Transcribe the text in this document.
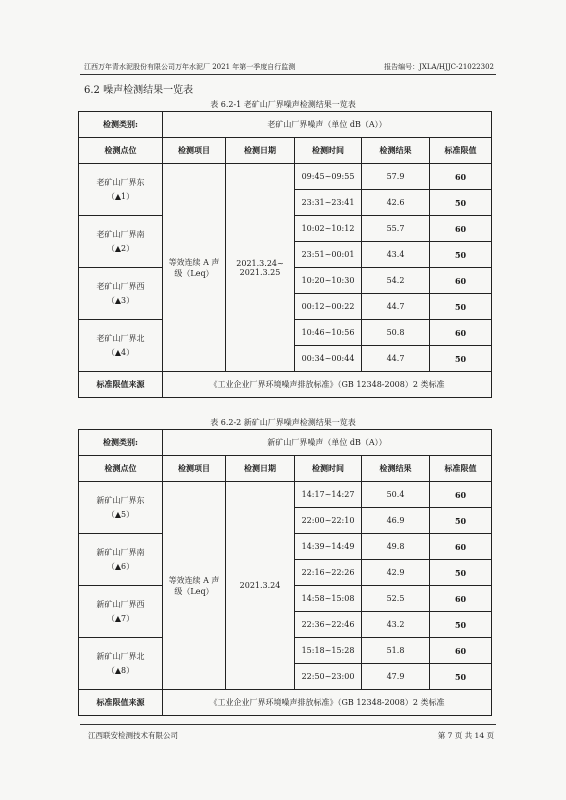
江西万年青水泥股份有限公司万年水泥厂 2021 年第一季度自行监测	报告编号：JXLA/HJJC-21022302
6.2 噪声检测结果一览表
表 6.2-1 老矿山厂界噪声检测结果一览表
检测类别:	老矿山厂界噪声（单位 dB（A））				
检测点位	检测项目	检测日期	检测时间	检测结果	标准限值

老矿山厂界东
（▲1）	等效连续 A 声级（Leq）	2021.3.24~ 2021.3.25	09:45~09:55	57.9	60
			23:31~23:41	42.6	50

老矿山厂界南
（▲2）			10:02~10:12	55.7	60
			23:51~00:01	43.4	50

老矿山厂界西
（▲3）			10:20~10:30	54.2	60
			00:12~00:22	44.7	50

老矿山厂界北
（▲4）			10:46~10:56	50.8	60
			00:34~00:44	44.7	50
标准限值来源	《工业企业厂界环境噪声排放标准》（GB 12348-2008）2 类标准				
表 6.2-2 新矿山厂界噪声检测结果一览表
检测类别:	新矿山厂界噪声（单位 dB（A））				
检测点位	检测项目	检测日期	检测时间	检测结果	标准限值

新矿山厂界东
（▲5）	等效连续 A 声级（Leq）	2021.3.24	14:17~14:27	50.4	60
			22:00~22:10	46.9	50

新矿山厂界南
（▲6）			14:39~14:49	49.8	60
			22:16~22:26	42.9	50

新矿山厂界西
（▲7）			14:58~15:08	52.5	60
			22:36~22:46	43.2	50

新矿山厂界北
（▲8）			15:18~15:28	51.8	60
			22:50~23:00	47.9	50
标准限值来源	《工业企业厂界环境噪声排放标准》（GB 12348-2008）2 类标准				
江西联安检测技术有限公司	第 7 页 共 14 页
